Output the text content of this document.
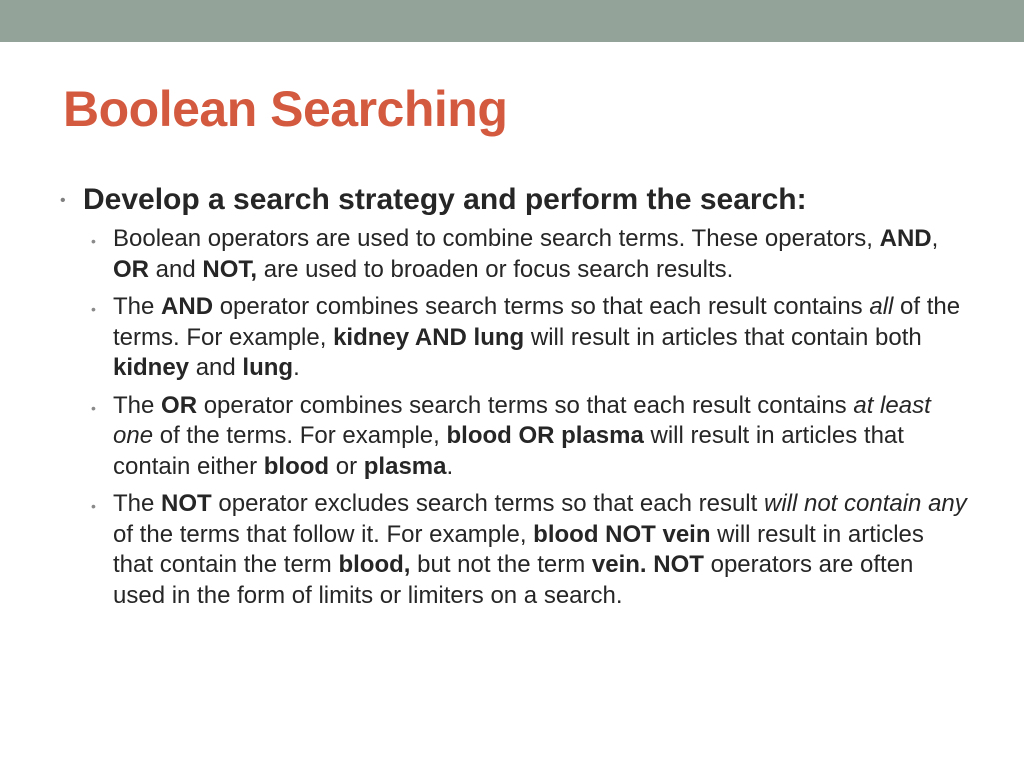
Boolean Searching
• Develop a search strategy and perform the search:
• Boolean operators are used to combine search terms. These operators, AND, OR and NOT, are used to broaden or focus search results.
• The AND operator combines search terms so that each result contains all of the terms. For example, kidney AND lung will result in articles that contain both kidney and lung.
• The OR operator combines search terms so that each result contains at least one of the terms. For example, blood OR plasma will result in articles that contain either blood or plasma.
• The NOT operator excludes search terms so that each result will not contain any of the terms that follow it. For example, blood NOT vein will result in articles that contain the term blood, but not the term vein. NOT operators are often used in the form of limits or limiters on a search.
